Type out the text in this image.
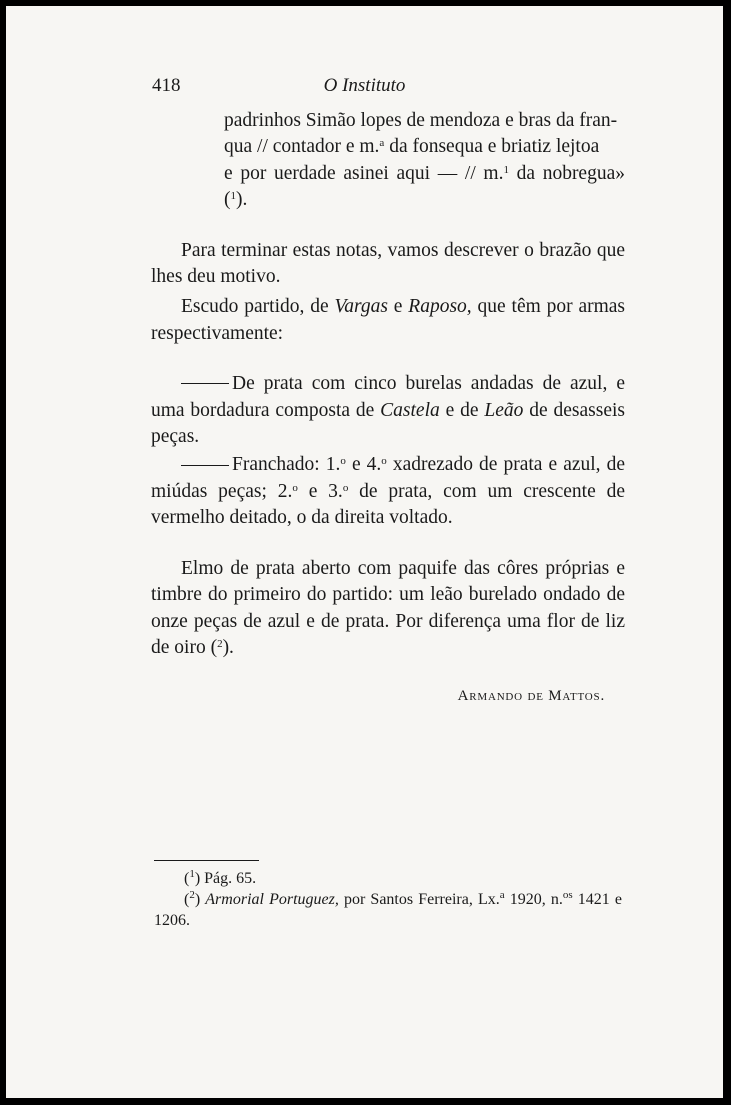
418	O Instituto
padrinhos Simão lopes de mendoza e bras da fran-
qua // contador e m.$^a$ da fonsequa e briatiz lejtoa
e por uerdade asinei aqui — // m.$^1$ da nobregua» ($^1$).

Para terminar estas notas, vamos descrever o brazão que lhes deu motivo.

Escudo partido, de Vargas e Raposo, que têm por armas respectivamente:

De prata com cinco burelas andadas de azul, e uma bordadura composta de Castela e de Leão de desasseis peças.

Franchado: 1.$^o$ e 4.$^o$ xadrezado de prata e azul, de miúdas peças; 2.$^o$ e 3.$^o$ de prata, com um crescente de vermelho deitado, o da direita voltado.

Elmo de prata aberto com paquife das côres próprias e timbre do primeiro do partido: um leão burelado ondado de onze peças de azul e de prata. Por diferença uma flor de liz de oiro ($^2$).

Armando de Mattos.

($^1$) Pág. 65.

($^2$) Armorial Portuguez, por Santos Ferreira, Lx.$^a$ 1920, n.$^{os}$ 1421 e 1206.
